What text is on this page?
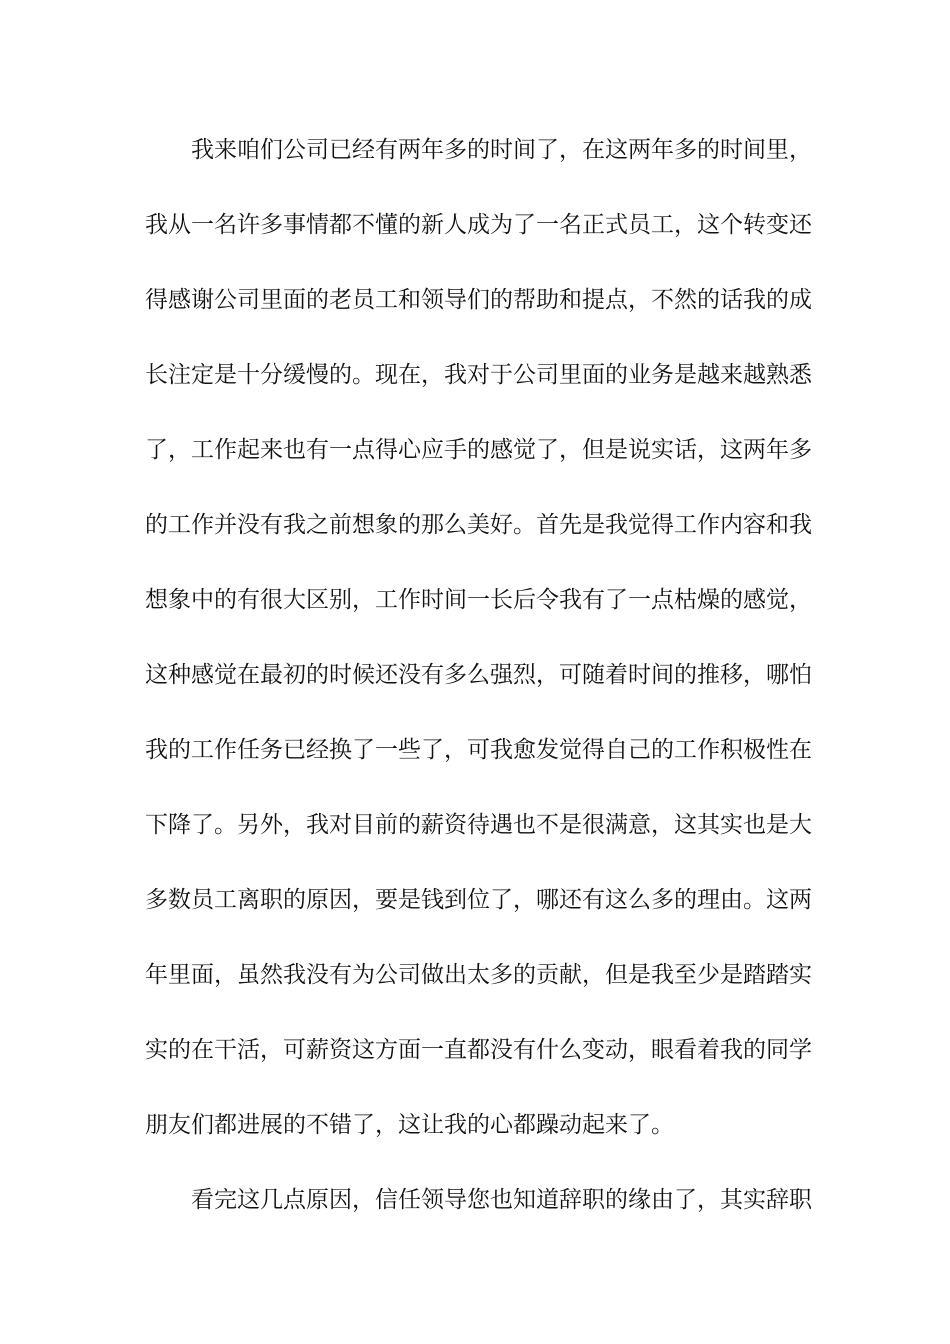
我来咱们公司已经有两年多的时间了，在这两年多的时间里，
我从一名许多事情都不懂的新人成为了一名正式员工，这个转变还
得感谢公司里面的老员工和领导们的帮助和提点，不然的话我的成
长注定是十分缓慢的。现在，我对于公司里面的业务是越来越熟悉
了，工作起来也有一点得心应手的感觉了，但是说实话，这两年多
的工作并没有我之前想象的那么美好。首先是我觉得工作内容和我
想象中的有很大区别，工作时间一长后令我有了一点枯燥的感觉，
这种感觉在最初的时候还没有多么强烈，可随着时间的推移，哪怕
我的工作任务已经换了一些了，可我愈发觉得自己的工作积极性在
下降了。另外，我对目前的薪资待遇也不是很满意，这其实也是大
多数员工离职的原因，要是钱到位了，哪还有这么多的理由。这两
年里面，虽然我没有为公司做出太多的贡献，但是我至少是踏踏实
实的在干活，可薪资这方面一直都没有什么变动，眼看着我的同学
朋友们都进展的不错了，这让我的心都躁动起来了。
看完这几点原因，信任领导您也知道辞职的缘由了，其实辞职
